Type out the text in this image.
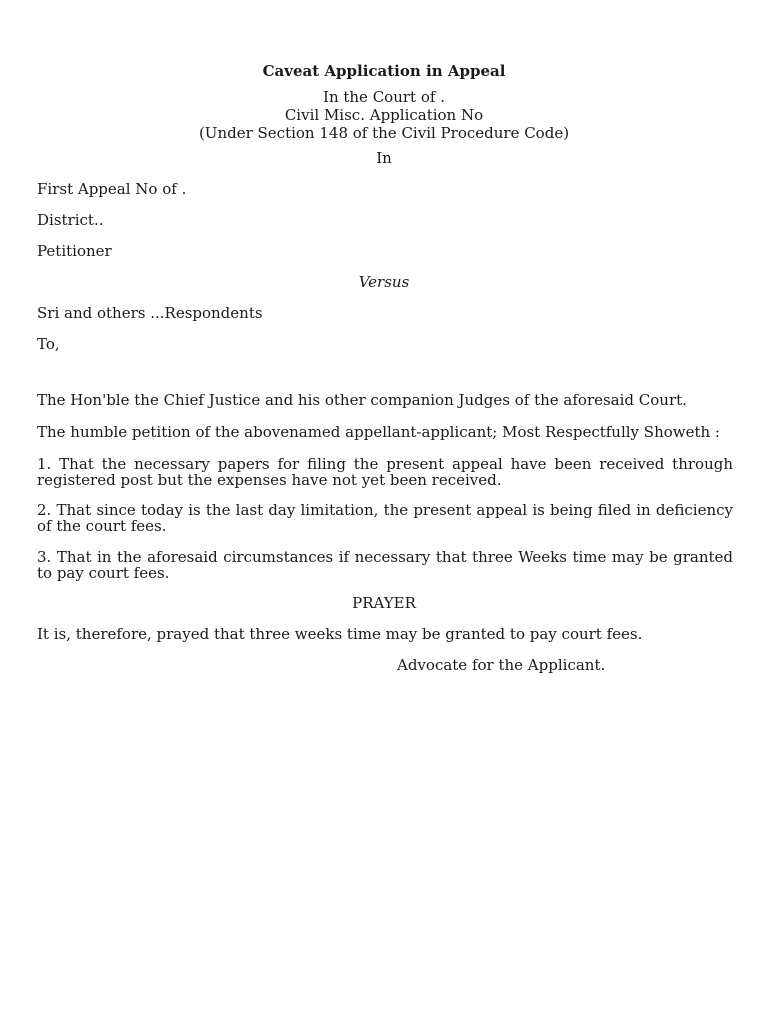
Caveat Application in Appeal
In the Court of .
Civil Misc. Application No
(Under Section 148 of the Civil Procedure Code)
In
First Appeal No of .
District..
Petitioner
Versus
Sri and others ...Respondents
To,
The Hon'ble the Chief Justice and his other companion Judges of the aforesaid Court.
The humble petition of the abovenamed appellant-applicant; Most Respectfully Showeth :
1. That the necessary papers for filing the present appeal have been received through registered post but the expenses have not yet been received.
2. That since today is the last day limitation, the present appeal is being filed in deficiency of the court fees.
3. That in the aforesaid circumstances if necessary that three Weeks time may be granted to pay court fees.
PRAYER
It is, therefore, prayed that three weeks time may be granted to pay court fees.
Advocate for the Applicant.
